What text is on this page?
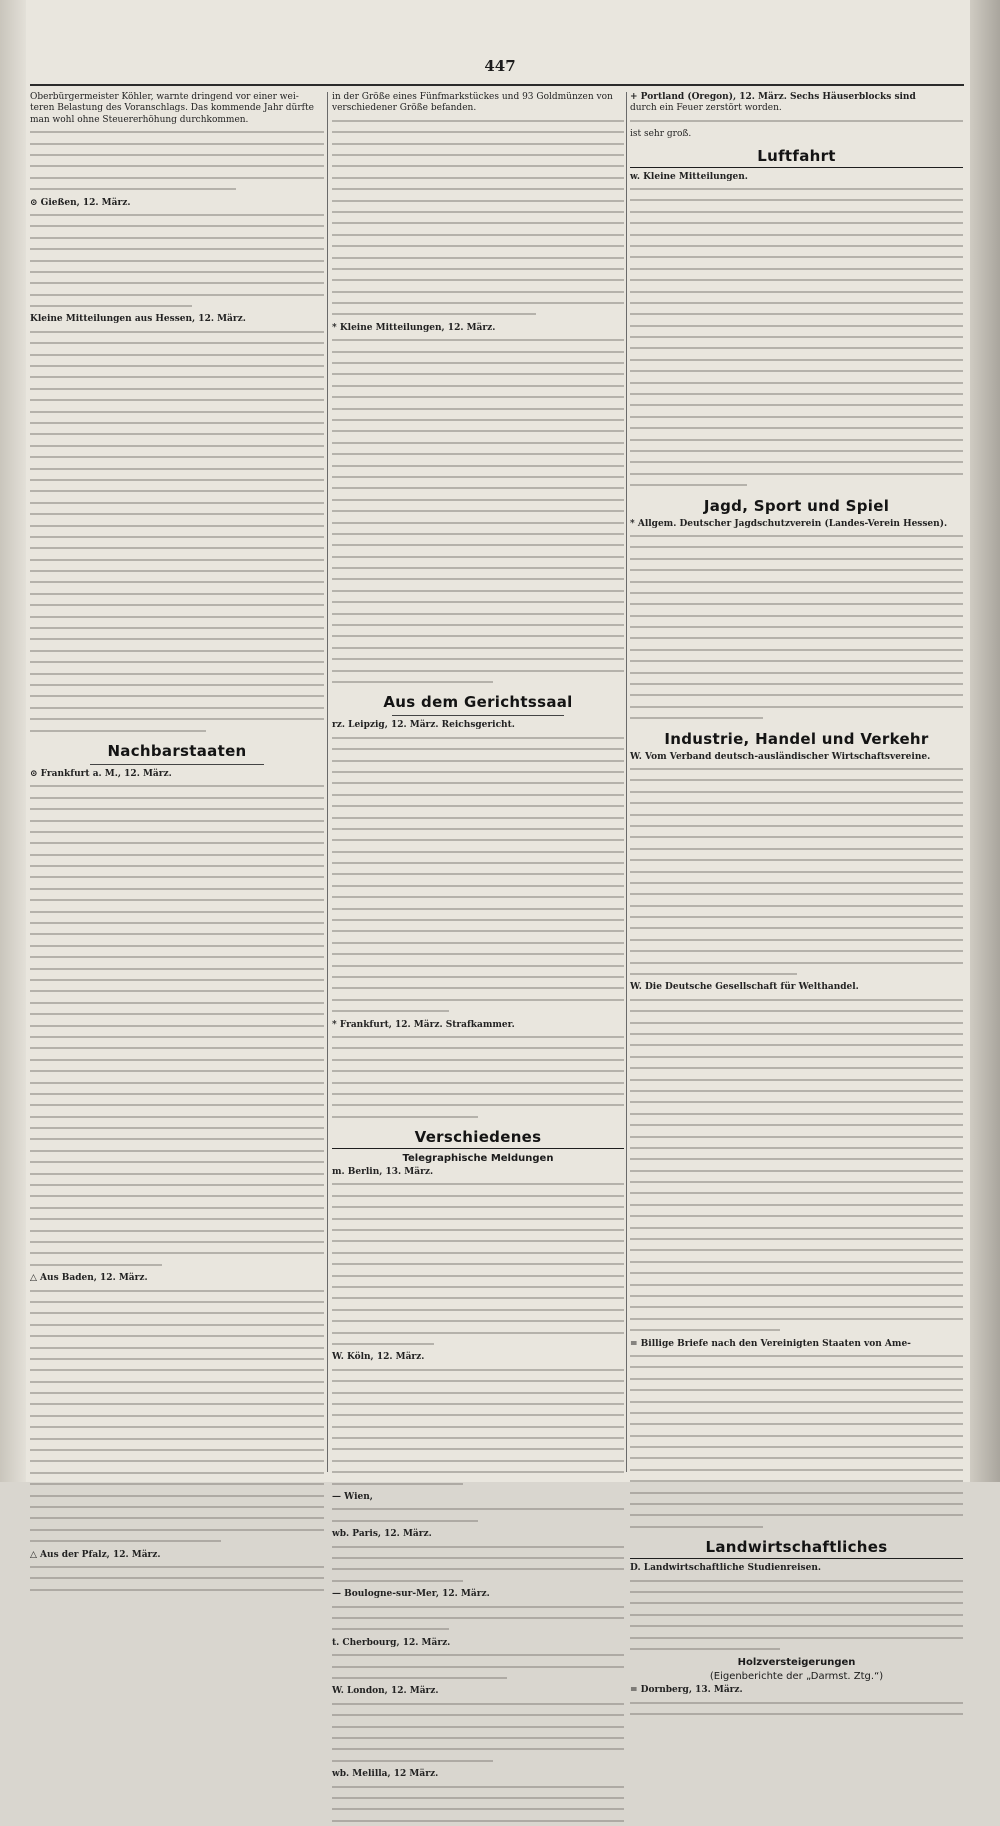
447
Oberbürgermeister Köhler, warnte dringend vor einer wei-
teren Belastung des Voranschlags. Das kommende Jahr dürfte
man wohl ohne Steuererhöhung durchkommen.
⊙ Gießen, 12. März.
Kleine Mitteilungen aus Hessen, 12. März.
Nachbarstaaten
⊙ Frankfurt a. M., 12. März.
△ Aus Baden, 12. März.
△ Aus der Pfalz, 12. März.
in der Größe eines Fünfmarkstückes und 93 Goldmünzen von
verschiedener Größe befanden.
* Kleine Mitteilungen, 12. März.
Aus dem Gerichtssaal
rz. Leipzig, 12. März. Reichsgericht.
* Frankfurt, 12. März. Strafkammer.
Verschiedenes
Telegraphische Meldungen
m. Berlin, 13. März.
W. Köln, 12. März.
— Wien,
wb. Paris, 12. März.
— Boulogne-sur-Mer, 12. März.
t. Cherbourg, 12. März.
W. London, 12. März.
wb. Melilla, 12 März.
+ Portland (Oregon), 12. März. Sechs Häuserblocks sind
durch ein Feuer zerstört worden.
ist sehr groß.
Luftfahrt
w. Kleine Mitteilungen.
Jagd, Sport und Spiel
* Allgem. Deutscher Jagdschutzverein (Landes-Verein Hessen).
Industrie, Handel und Verkehr
W. Vom Verband deutsch-ausländischer Wirtschaftsvereine.
W. Die Deutsche Gesellschaft für Welthandel.
= Billige Briefe nach den Vereinigten Staaten von Ame-
Landwirtschaftliches
D. Landwirtschaftliche Studienreisen.
Holzversteigerungen
(Eigenberichte der „Darmst. Ztg.“)
= Dornberg, 13. März.
